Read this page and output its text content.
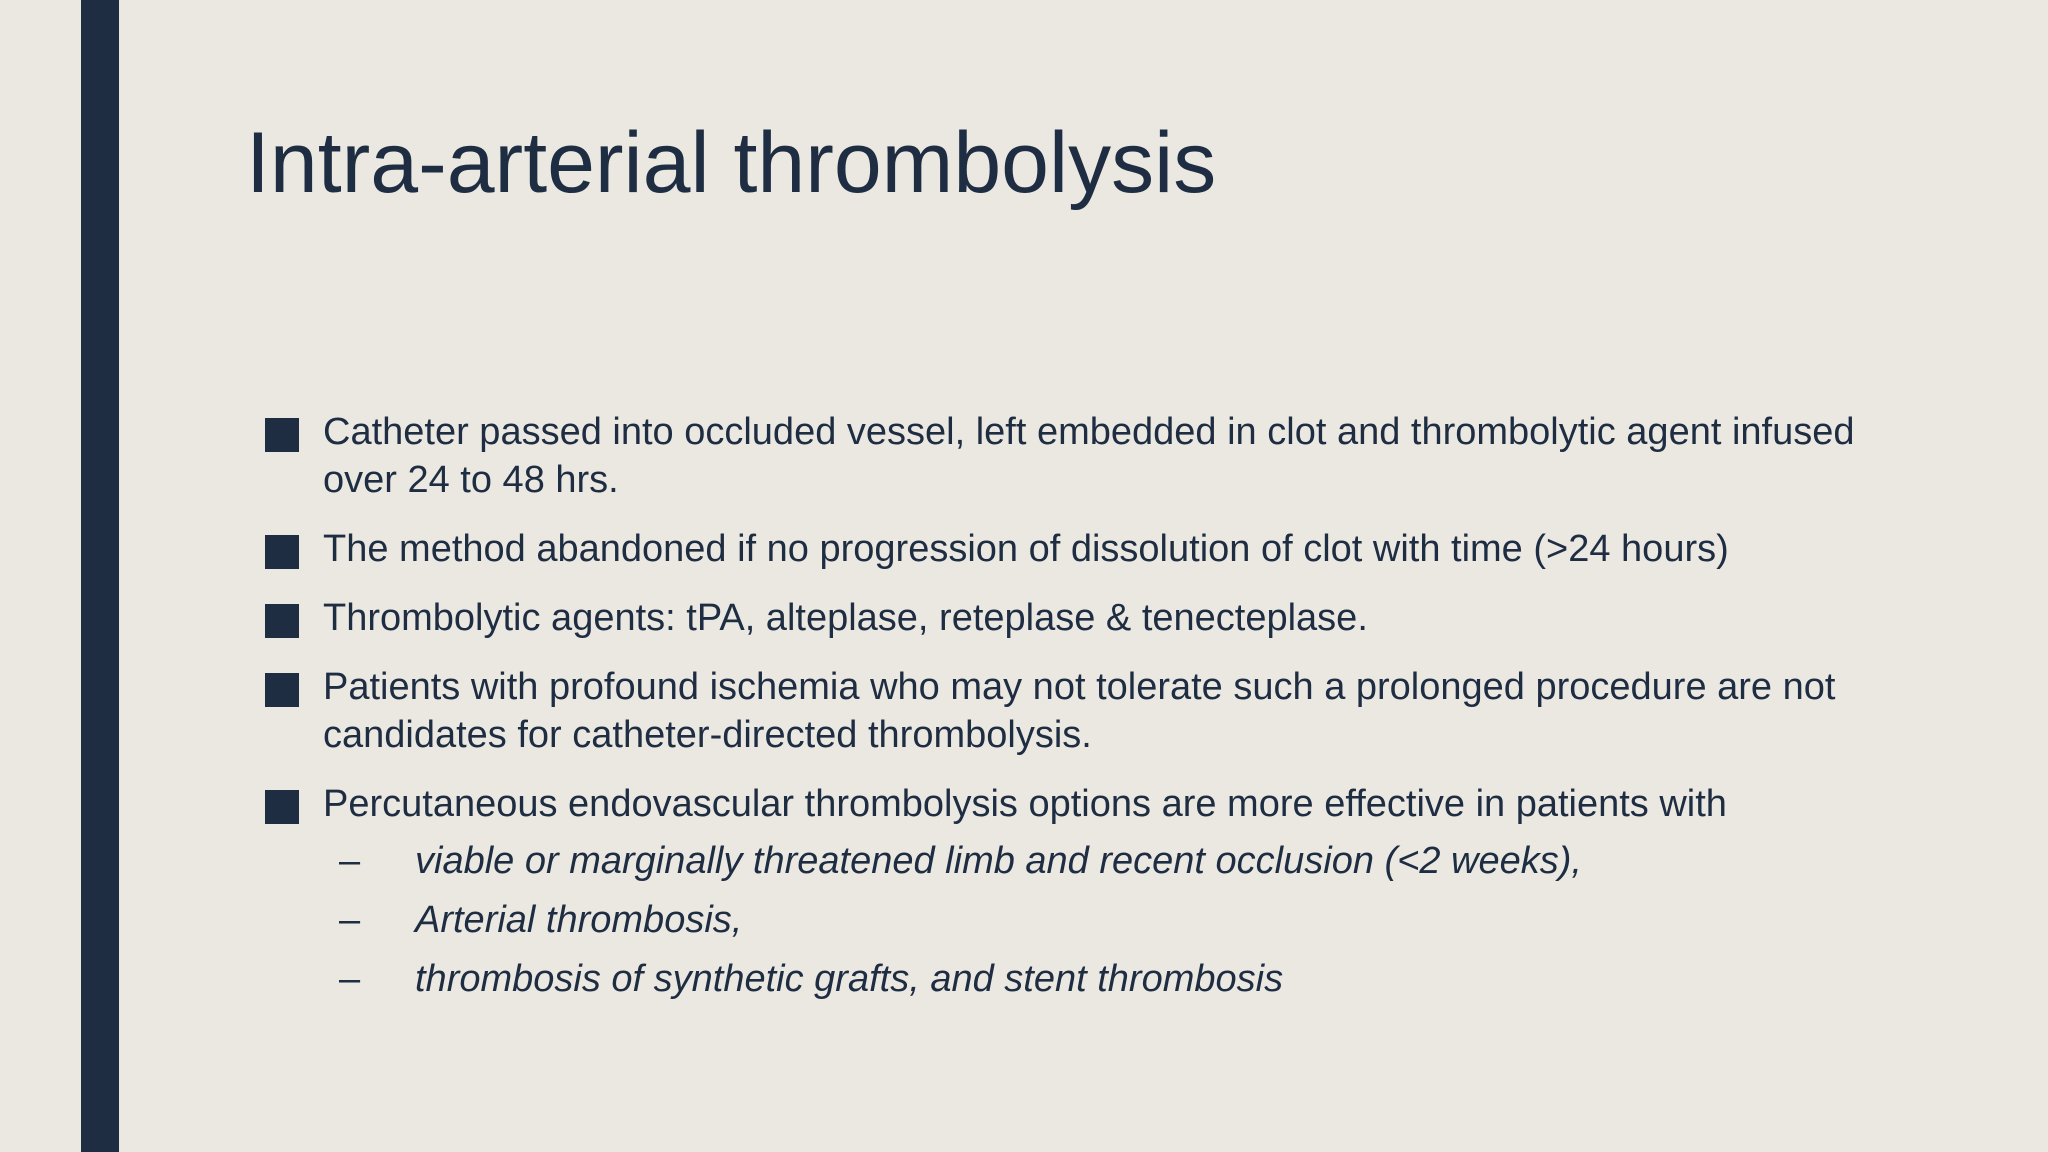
Intra-arterial thrombolysis
Catheter passed into occluded vessel, left embedded in clot and thrombolytic agent infused over 24 to 48 hrs.
The method abandoned if no progression of dissolution of clot with time (>24 hours)
Thrombolytic agents: tPA, alteplase, reteplase & tenecteplase.
Patients with profound ischemia who may not tolerate such a prolonged procedure are not candidates for catheter-directed thrombolysis.
Percutaneous endovascular thrombolysis options are more effective in patients with
–	viable or marginally threatened limb and recent occlusion (<2 weeks),
–	Arterial thrombosis,
–	thrombosis of synthetic grafts, and stent thrombosis
